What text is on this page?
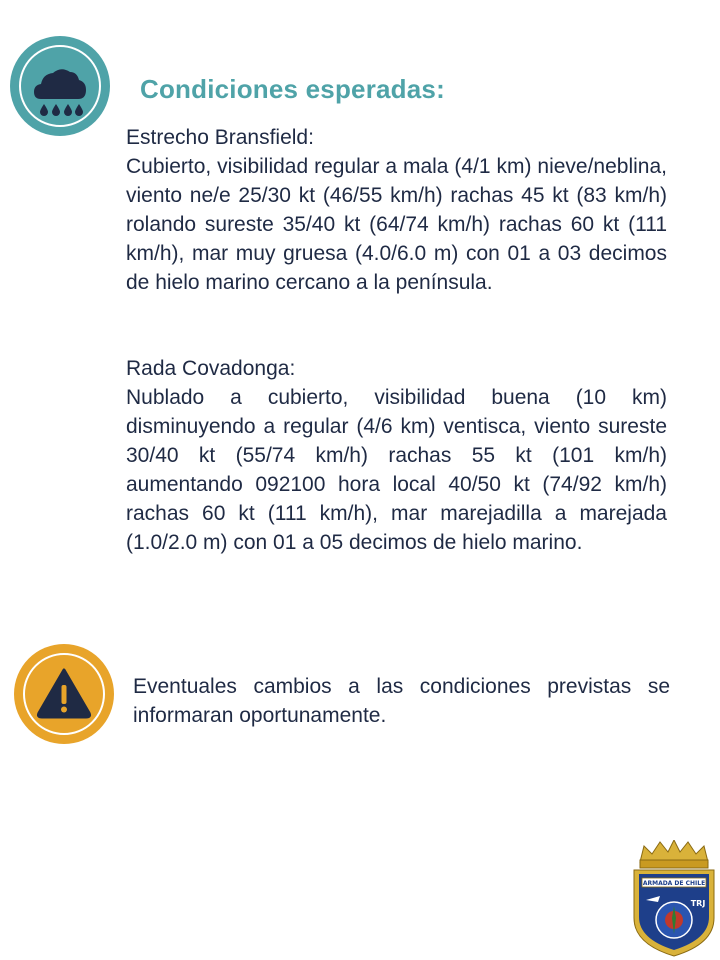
Condiciones esperadas:

Estrecho Bransfield:

Cubierto, visibilidad regular a mala (4/1 km) nieve/neblina, viento ne/e 25/30 kt (46/55 km/h) rachas 45 kt (83 km/h) rolando sureste 35/40 kt (64/74 km/h) rachas 60 kt (111 km/h), mar muy gruesa (4.0/6.0 m) con 01 a 03 decimos de hielo marino cercano a la península.

Rada Covadonga:

Nublado a cubierto, visibilidad buena (10 km) disminuyendo a regular (4/6 km) ventisca, viento sureste 30/40 kt (55/74 km/h) rachas 55 kt (101 km/h) aumentando 092100 hora local 40/50 kt (74/92 km/h) rachas 60 kt (111 km/h), mar marejadilla a marejada (1.0/2.0 m) con 01 a 05 decimos de hielo marino.

Eventuales cambios a las condiciones previstas se informaran oportunamente.

ARMADA DE CHILE
TRJ
